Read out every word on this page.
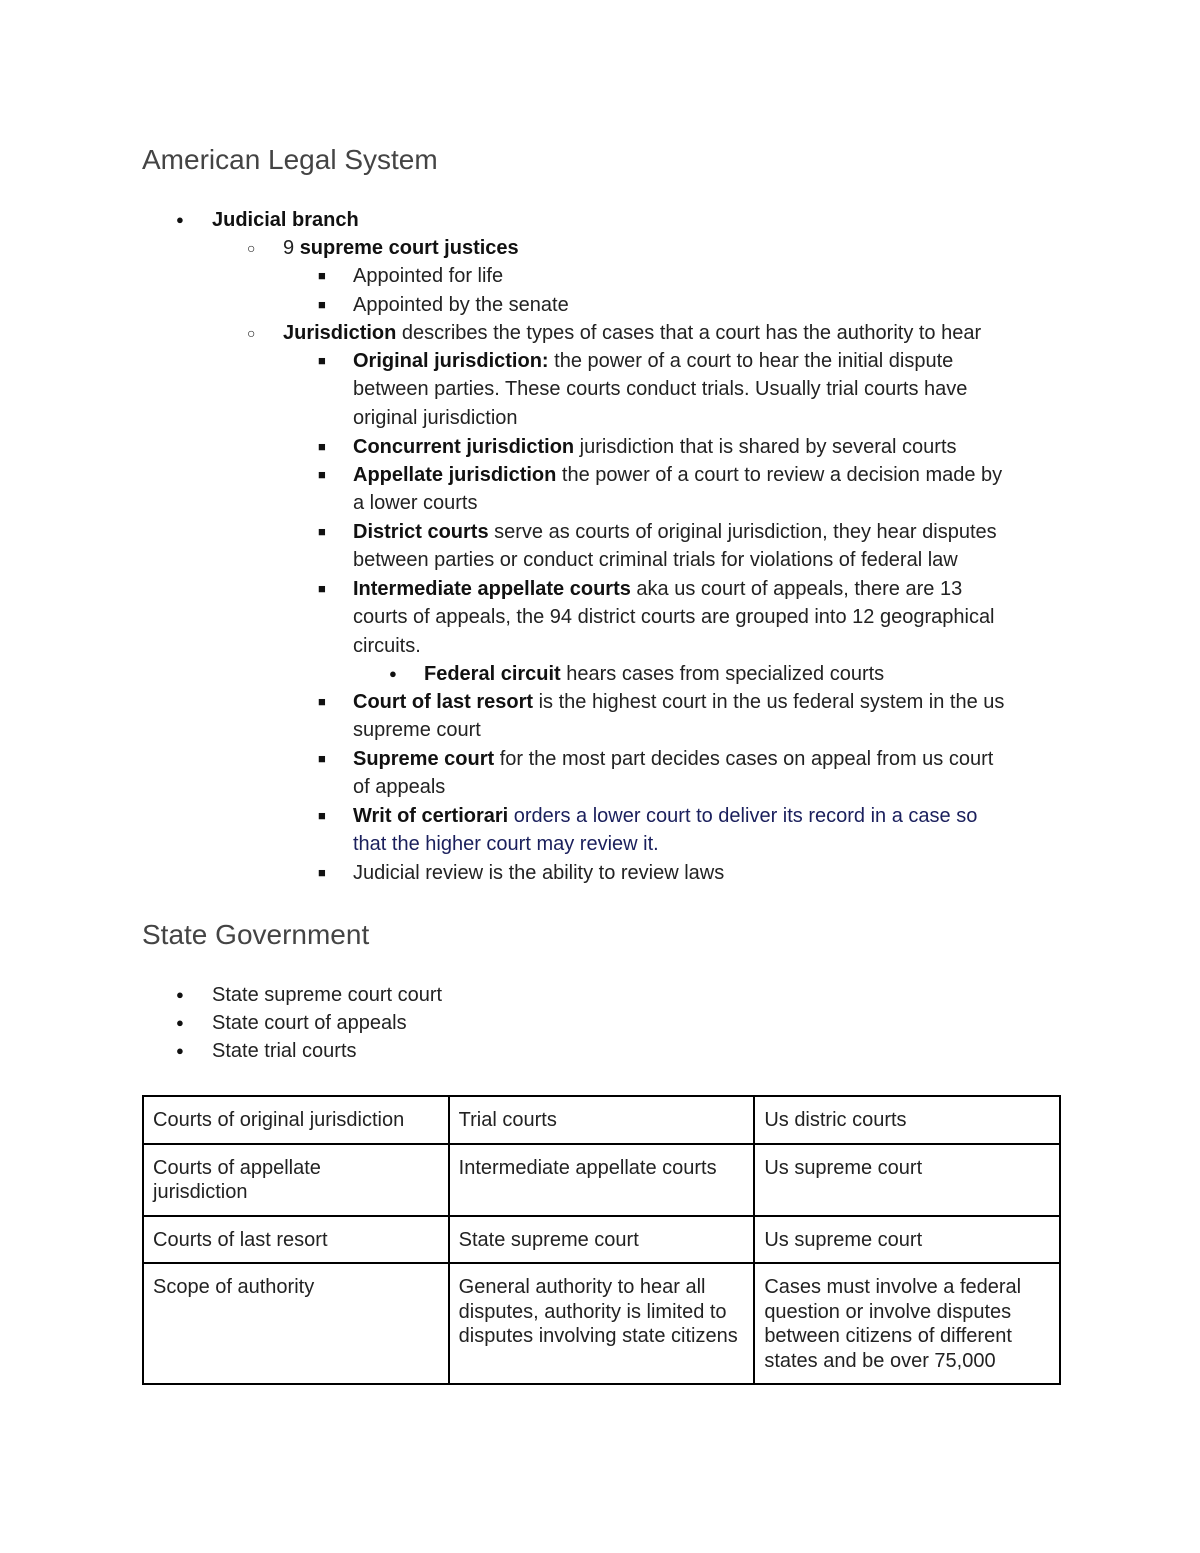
American Legal System
● Judicial branch
○ 9 supreme court justices
■ Appointed for life
■ Appointed by the senate
○ Jurisdiction describes the types of cases that a court has the authority to hear
■ Original jurisdiction: the power of a court to hear the initial dispute
between parties. These courts conduct trials. Usually trial courts have
original jurisdiction
■ Concurrent jurisdiction jurisdiction that is shared by several courts
■ Appellate jurisdiction the power of a court to review a decision made by
a lower courts
■ District courts serve as courts of original jurisdiction, they hear disputes
between parties or conduct criminal trials for violations of federal law
■ Intermediate appellate courts aka us court of appeals, there are 13
courts of appeals, the 94 district courts are grouped into 12 geographical
circuits.
● Federal circuit hears cases from specialized courts
■ Court of last resort is the highest court in the us federal system in the us
supreme court
■ Supreme court for the most part decides cases on appeal from us court
of appeals
■ Writ of certiorari orders a lower court to deliver its record in a case so
that the higher court may review it.
■ Judicial review is the ability to review laws
State Government
● State supreme court court
● State court of appeals
● State trial courts
Courts of original jurisdiction	Trial courts	Us distric courts
Courts of appellate jurisdiction	Intermediate appellate courts	Us supreme court
Courts of last resort	State supreme court	Us supreme court
Scope of authority	General authority to hear all disputes, authority is limited to disputes involving state citizens	Cases must involve a federal question or involve disputes between citizens of different states and be over 75,000
